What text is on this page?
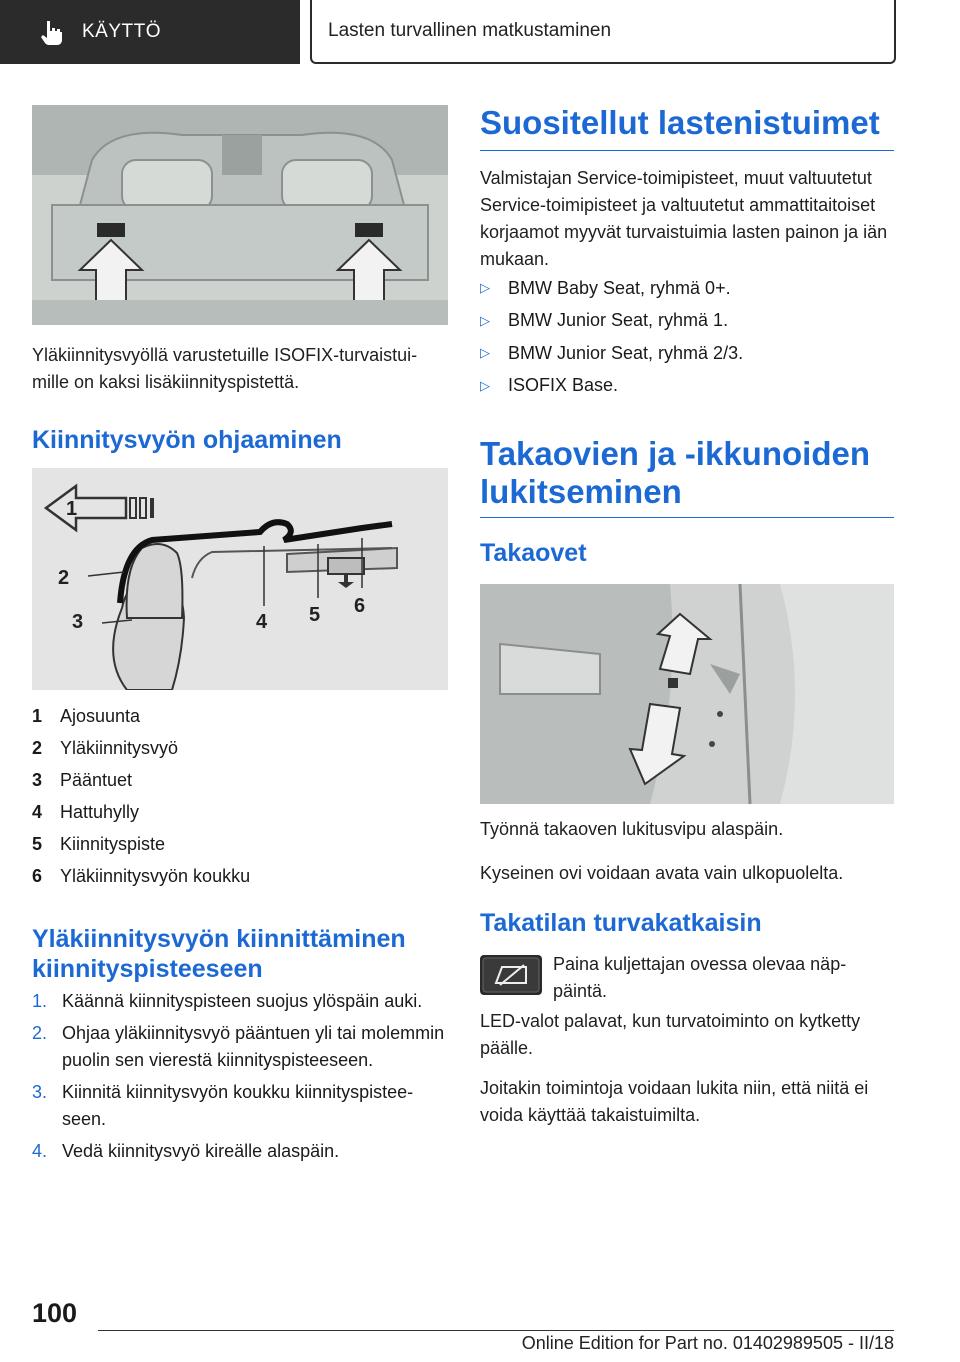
KÄYTTÖ	Lasten turvallinen matkustaminen
Yläkiinnitysvyöllä varustetuille ISOFIX-turvaistuimille on kaksi lisäkiinnityspistettä.
Kiinnitysvyön ohjaaminen
1
2
3	4 5 6
1 Ajosuunta
2 Yläkiinnitysvyö
3 Pääntuet
4 Hattuhylly
5 Kiinnityspiste
6 Yläkiinnitysvyön koukku
Yläkiinnitysvyön kiinnittäminen kiinnityspisteeseen
1. Käännä kiinnityspisteen suojus ylöspäin auki.
2. Ohjaa yläkiinnitysvyö pääntuen yli tai molemmin puolin sen vierestä kiinnityspisteeseen.
3. Kiinnitä kiinnitysvyön koukku kiinnityspisteeseen.
4. Vedä kiinnitysvyö kireälle alaspäin.
Suositellut lastenistuimet
Valmistajan Service-toimipisteet, muut valtuutetut Service-toimipisteet ja valtuutetut ammattitaitoiset korjaamot myyvät turvaistuimia lasten painon ja iän mukaan.
▷	BMW Baby Seat, ryhmä 0+.
▷	BMW Junior Seat, ryhmä 1.
▷	BMW Junior Seat, ryhmä 2/3.
▷	ISOFIX Base.
Takaovien ja -ikkunoiden lukitseminen
Takaovet
Työnnä takaoven lukitusvipu alaspäin.
Kyseinen ovi voidaan avata vain ulkopuolelta.
Takatilan turvakatkaisin
Paina kuljettajan ovessa olevaa näppäintä.
LED-valot palavat, kun turvatoiminto on kytketty päälle.
Joitakin toimintoja voidaan lukita niin, että niitä ei voida käyttää takaistuimilta.
100
Online Edition for Part no. 01402989505 - II/18
